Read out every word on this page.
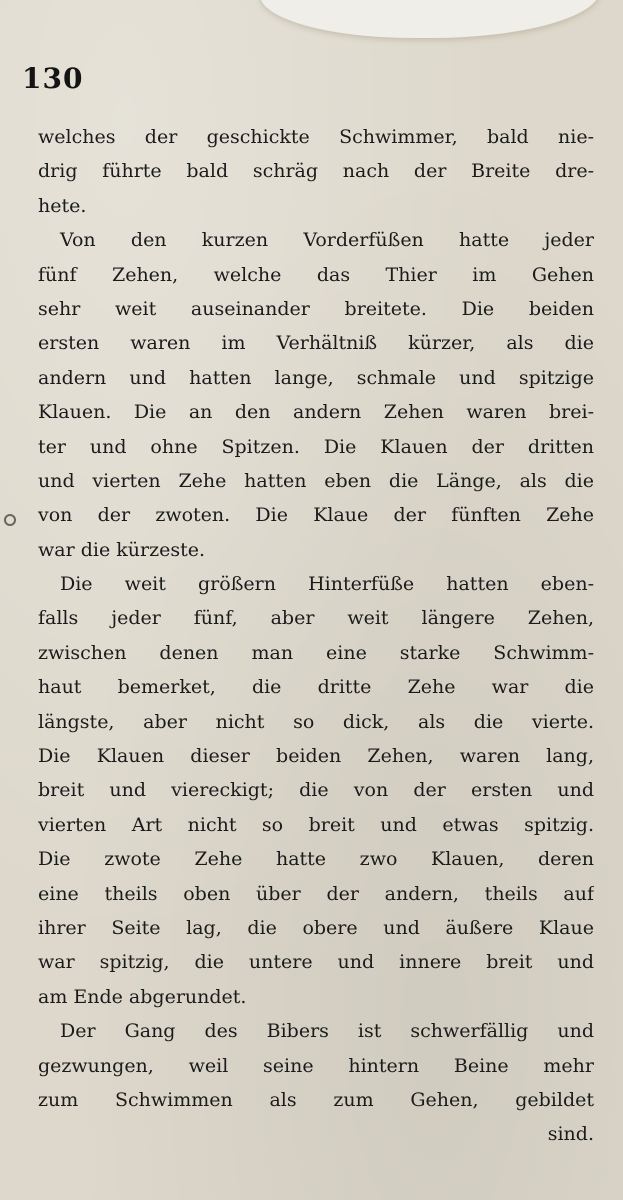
130
welches der geschickte Schwimmer, bald nie-
drig führte bald schräg nach der Breite dre-
hete.
Von den kurzen Vorderfüßen hatte jeder
fünf Zehen, welche das Thier im Gehen
sehr weit auseinander breitete. Die beiden
ersten waren im Verhältniß kürzer, als die
andern und hatten lange, schmale und spitzige
Klauen. Die an den andern Zehen waren brei-
ter und ohne Spitzen. Die Klauen der dritten
und vierten Zehe hatten eben die Länge, als die
von der zwoten. Die Klaue der fünften Zehe
war die kürzeste.
Die weit größern Hinterfüße hatten eben-
falls jeder fünf, aber weit längere Zehen,
zwischen denen man eine starke Schwimm-
haut bemerket, die dritte Zehe war die
längste, aber nicht so dick, als die vierte.
Die Klauen dieser beiden Zehen, waren lang,
breit und viereckigt; die von der ersten und
vierten Art nicht so breit und etwas spitzig.
Die zwote Zehe hatte zwo Klauen, deren
eine theils oben über der andern, theils auf
ihrer Seite lag, die obere und äußere Klaue
war spitzig, die untere und innere breit und
am Ende abgerundet.
Der Gang des Bibers ist schwerfällig und
gezwungen, weil seine hintern Beine mehr
zum Schwimmen als zum Gehen, gebildet
sind.
